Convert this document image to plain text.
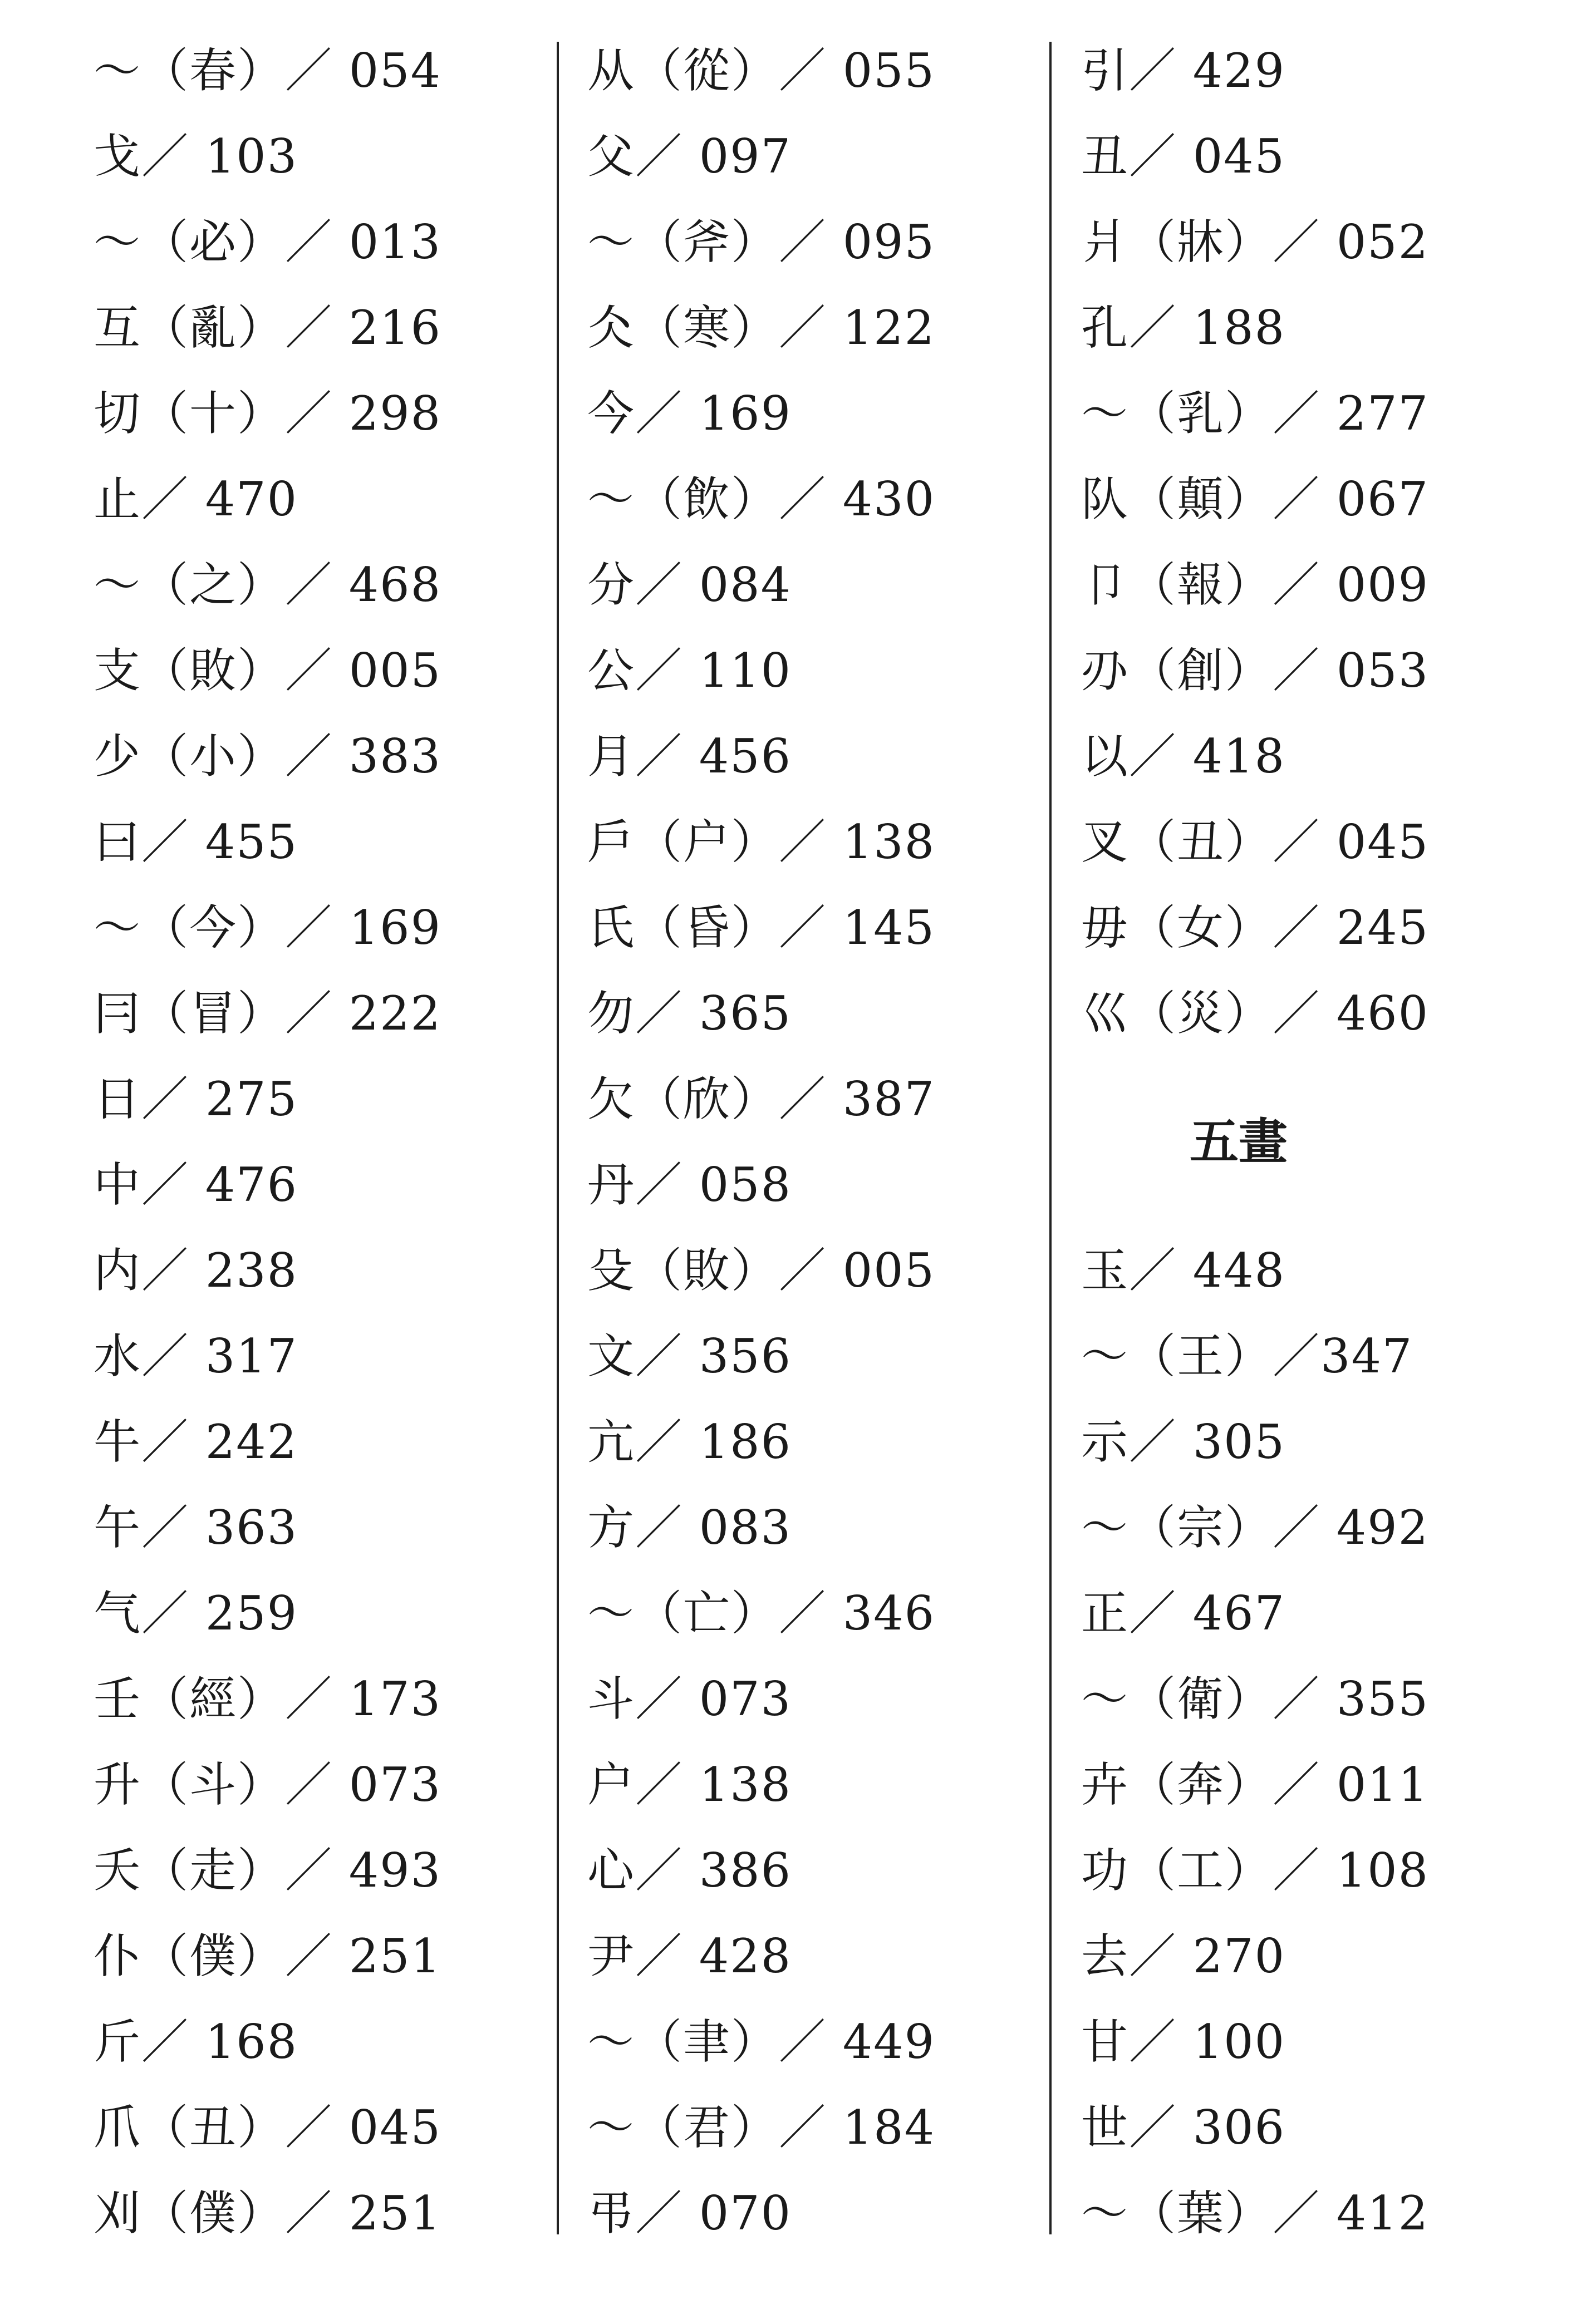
～（春）／ 054
戈／ 103
～（必）／ 013
互（亂）／ 216
切（十）／ 298
止／ 470
～（之）／ 468
支（敗）／ 005
少（小）／ 383
曰／ 455
～（今）／ 169
冃（冒）／ 222
日／ 275
中／ 476
内／ 238
水／ 317
牛／ 242
午／ 363
气／ 259
壬（經）／ 173
升（斗）／ 073
夭（走）／ 493
仆（僕）／ 251
斤／ 168
爪（丑）／ 045
刈（僕）／ 251
从（從）／ 055
父／ 097
～（斧）／ 095
仌（寒）／ 122
今／ 169
～（飲）／ 430
分／ 084
公／ 110
月／ 456
戶（户）／ 138
氏（昏）／ 145
勿／ 365
欠（欣）／ 387
丹／ 058
殳（敗）／ 005
文／ 356
亢／ 186
方／ 083
～（亡）／ 346
斗／ 073
户／ 138
心／ 386
尹／ 428
～（聿）／ 449
～（君）／ 184
弔／ 070
引／ 429
丑／ 045
爿（牀）／ 052
孔／ 188
～（乳）／ 277
队（顛）／ 067
卩（報）／ 009
刅（創）／ 053
以／ 418
叉（丑）／ 045
毋（女）／ 245
巛（災）／ 460
五畫
玉／ 448
～（王）／347
示／ 305
～（宗）／ 492
正／ 467
～（衛）／ 355
卉（奔）／ 011
功（工）／ 108
去／ 270
甘／ 100
世／ 306
～（葉）／ 412
